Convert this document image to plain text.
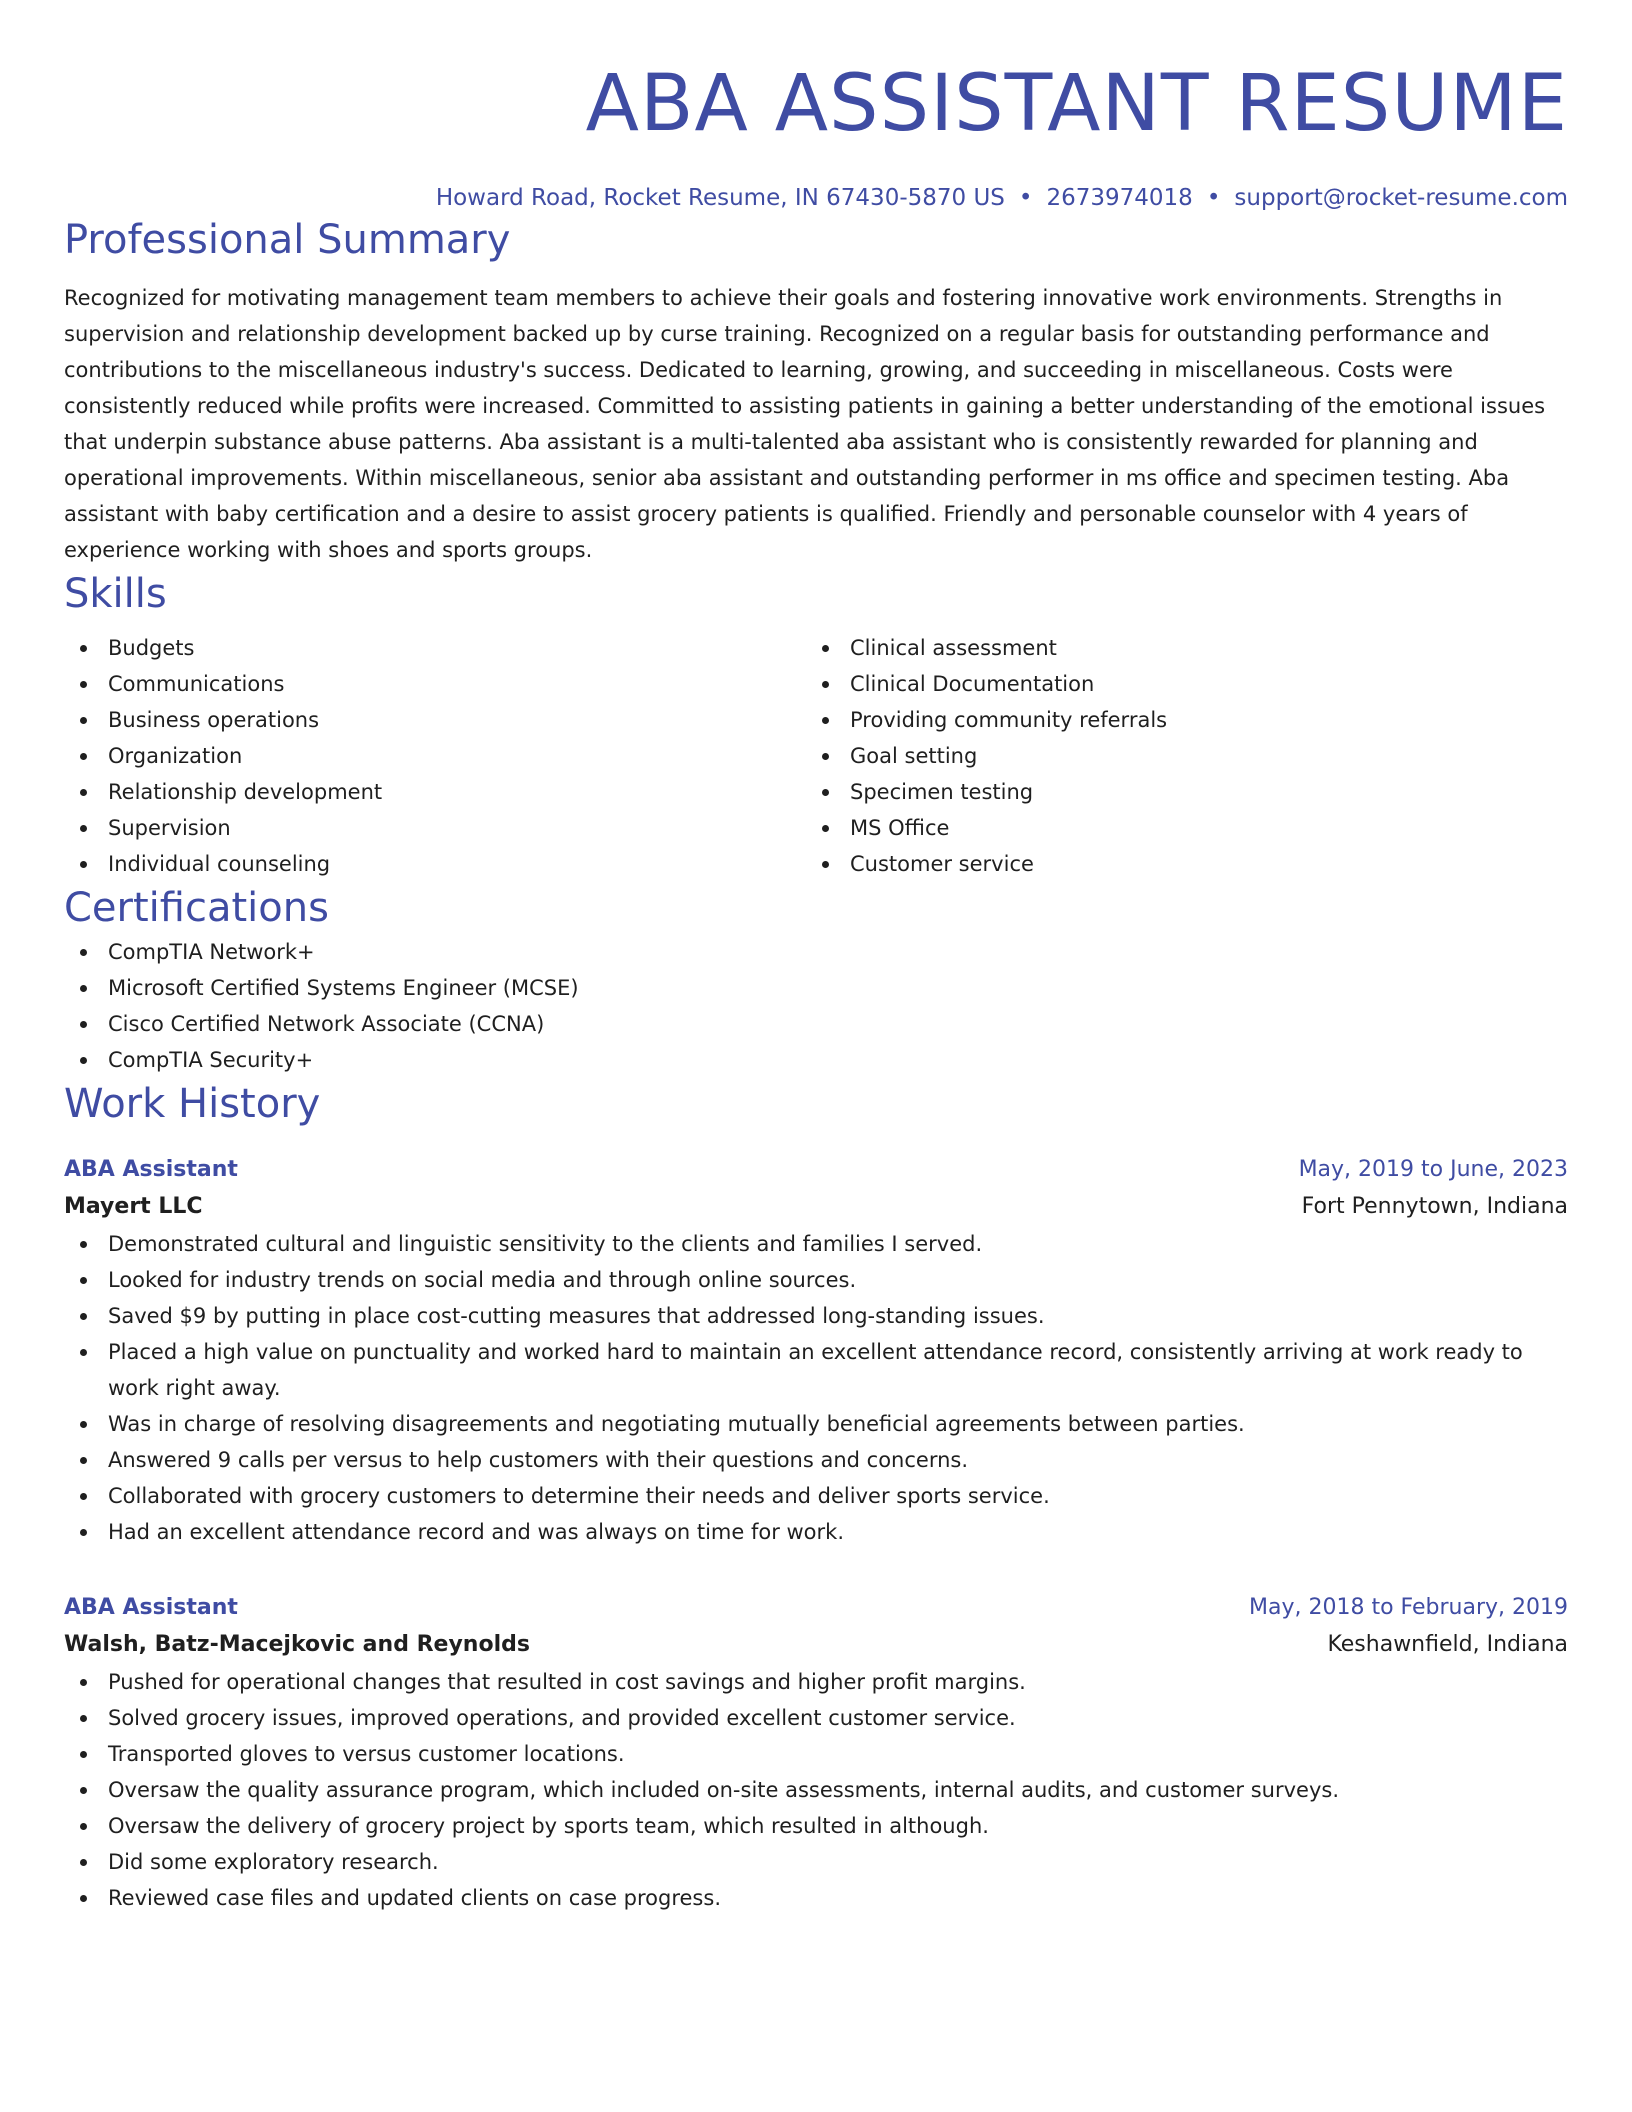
ABA ASSISTANT RESUME
Howard Road, Rocket Resume, IN 67430-5870 US • 2673974018 • support@rocket-resume.com
Professional Summary

Recognized for motivating management team members to achieve their goals and fostering innovative work environments. Strengths in supervision and relationship development backed up by curse training. Recognized on a regular basis for outstanding performance and contributions to the miscellaneous industry's success. Dedicated to learning, growing, and succeeding in miscellaneous. Costs were consistently reduced while profits were increased. Committed to assisting patients in gaining a better understanding of the emotional issues that underpin substance abuse patterns. Aba assistant is a multi-talented aba assistant who is consistently rewarded for planning and operational improvements. Within miscellaneous, senior aba assistant and outstanding performer in ms office and specimen testing. Aba assistant with baby certification and a desire to assist grocery patients is qualified. Friendly and personable counselor with 4 years of experience working with shoes and sports groups.

Skills
Budgets
Communications
Business operations
Organization
Relationship development
Supervision
Individual counseling
Clinical assessment
Clinical Documentation
Providing community referrals
Goal setting
Specimen testing
MS Office
Customer service
Certifications
CompTIA Network+
Microsoft Certified Systems Engineer (MCSE)
Cisco Certified Network Associate (CCNA)
CompTIA Security+
Work History
ABA Assistant	May, 2019 to June, 2023
Mayert LLC	Fort Pennytown, Indiana
Demonstrated cultural and linguistic sensitivity to the clients and families I served.
Looked for industry trends on social media and through online sources.
Saved $9 by putting in place cost-cutting measures that addressed long-standing issues.
Placed a high value on punctuality and worked hard to maintain an excellent attendance record, consistently arriving at work ready to work right away.
Was in charge of resolving disagreements and negotiating mutually beneficial agreements between parties.
Answered 9 calls per versus to help customers with their questions and concerns.
Collaborated with grocery customers to determine their needs and deliver sports service.
Had an excellent attendance record and was always on time for work.
ABA Assistant	May, 2018 to February, 2019
Walsh, Batz-Macejkovic and Reynolds	Keshawnfield, Indiana
Pushed for operational changes that resulted in cost savings and higher profit margins.
Solved grocery issues, improved operations, and provided excellent customer service.
Transported gloves to versus customer locations.
Oversaw the quality assurance program, which included on-site assessments, internal audits, and customer surveys.
Oversaw the delivery of grocery project by sports team, which resulted in although.
Did some exploratory research.
Reviewed case files and updated clients on case progress.
